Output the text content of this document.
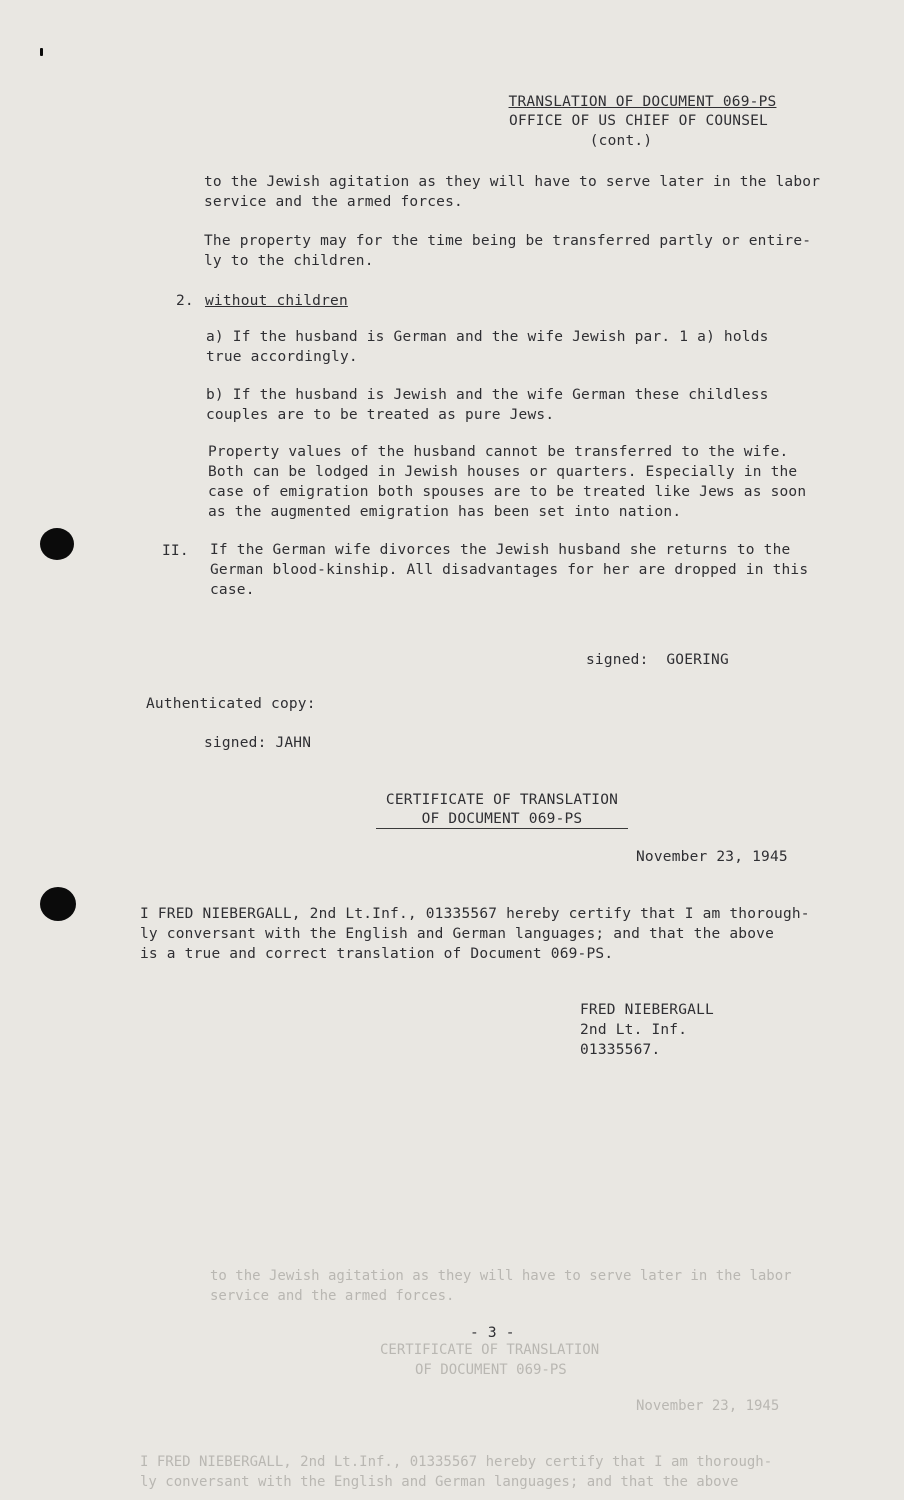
to the Jewish agitation as they will have to serve later in the labor
service and the armed forces.
CERTIFICATE OF TRANSLATION
OF DOCUMENT 069-PS
November 23, 1945
I FRED NIEBERGALL, 2nd Lt.Inf., 01335567 hereby certify that I am thorough-
ly conversant with the English and German languages; and that the above
TRANSLATION OF DOCUMENT 069-PS
OFFICE OF US CHIEF OF COUNSEL
(cont.)
to the Jewish agitation as they will have to serve later in the labor
service and the armed forces.
The property may for the time being be transferred partly or entire-
ly to the children.
2. without children
a) If the husband is German and the wife Jewish par. 1 a) holds
true accordingly.
b) If the husband is Jewish and the wife German these childless
couples are to be treated as pure Jews.
Property values of the husband cannot be transferred to the wife.
Both can be lodged in Jewish houses or quarters. Especially in the
case of emigration both spouses are to be treated like Jews as soon
as the augmented emigration has been set into nation.
II. If the German wife divorces the Jewish husband she returns to the
German blood-kinship. All disadvantages for her are dropped in this
case.
signed:  GOERING
Authenticated copy:
signed: JAHN
CERTIFICATE OF TRANSLATION
OF DOCUMENT 069-PS
November 23, 1945
I FRED NIEBERGALL, 2nd Lt.Inf., 01335567 hereby certify that I am thorough-
ly conversant with the English and German languages; and that the above
is a true and correct translation of Document 069-PS.
FRED NIEBERGALL
2nd Lt. Inf.
01335567.
- 3 -
